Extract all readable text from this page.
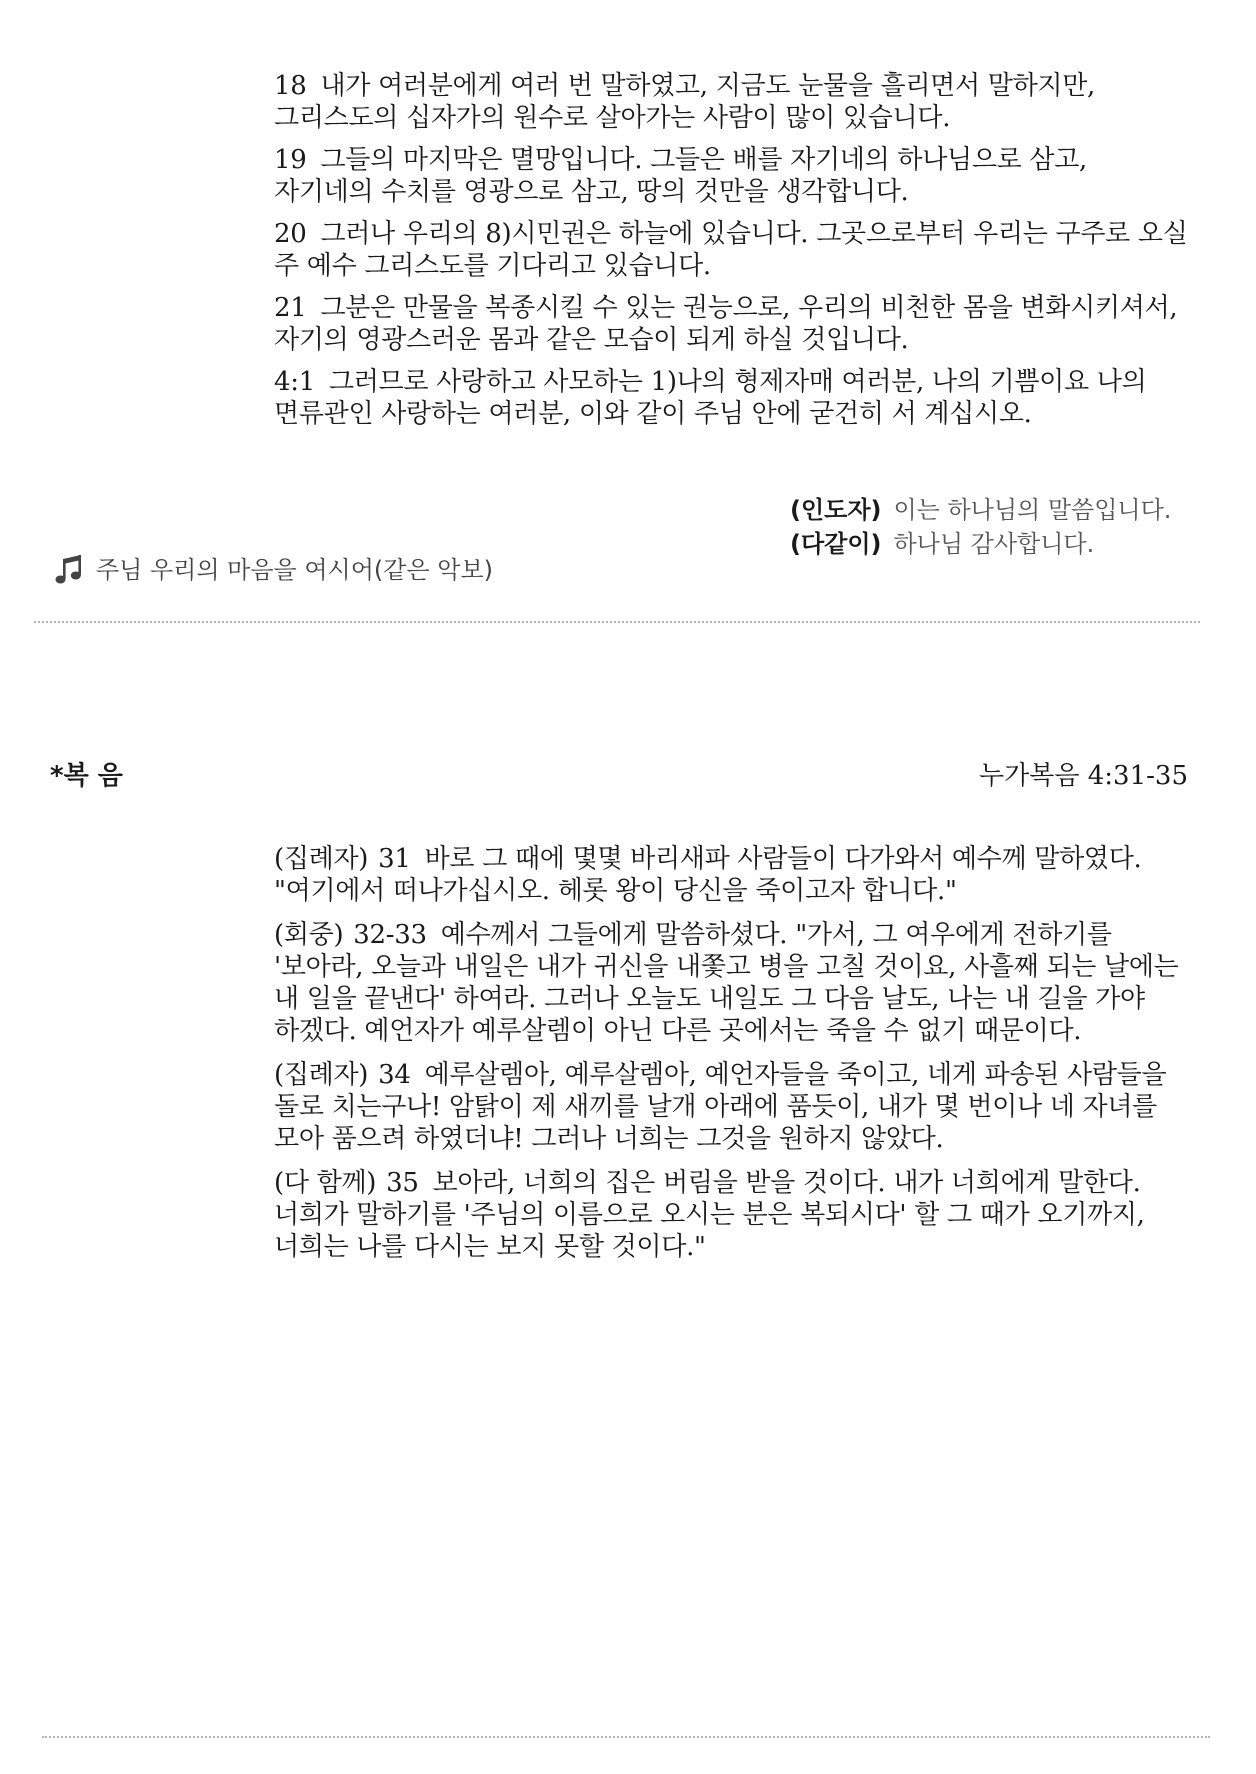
18 내가 여러분에게 여러 번 말하였고, 지금도 눈물을 흘리면서 말하지만, 그리스도의 십자가의 원수로 살아가는 사람이 많이 있습니다.

19 그들의 마지막은 멸망입니다. 그들은 배를 자기네의 하나님으로 삼고, 자기네의 수치를 영광으로 삼고, 땅의 것만을 생각합니다.

20 그러나 우리의 8)시민권은 하늘에 있습니다. 그곳으로부터 우리는 구주로 오실 주 예수 그리스도를 기다리고 있습니다.

21 그분은 만물을 복종시킬 수 있는 권능으로, 우리의 비천한 몸을 변화시키셔서, 자기의 영광스러운 몸과 같은 모습이 되게 하실 것입니다.

4:1 그러므로 사랑하고 사모하는 1)나의 형제자매 여러분, 나의 기쁨이요 나의 면류관인 사랑하는 여러분, 이와 같이 주님 안에 굳건히 서 계십시오.

(인도자) 이는 하나님의 말씀입니다.
(다같이) 하나님 감사합니다.
주님 우리의 마음을 여시어(같은 악보)
*복 음	누가복음 4:31-35

(집례자) 31 바로 그 때에 몇몇 바리새파 사람들이 다가와서 예수께 말하였다. "여기에서 떠나가십시오. 헤롯 왕이 당신을 죽이고자 합니다."

(회중) 32-33 예수께서 그들에게 말씀하셨다. "가서, 그 여우에게 전하기를 '보아라, 오늘과 내일은 내가 귀신을 내쫓고 병을 고칠 것이요, 사흘째 되는 날에는 내 일을 끝낸다' 하여라. 그러나 오늘도 내일도 그 다음 날도, 나는 내 길을 가야 하겠다. 예언자가 예루살렘이 아닌 다른 곳에서는 죽을 수 없기 때문이다.

(집례자) 34 예루살렘아, 예루살렘아, 예언자들을 죽이고, 네게 파송된 사람들을 돌로 치는구나! 암탉이 제 새끼를 날개 아래에 품듯이, 내가 몇 번이나 네 자녀를 모아 품으려 하였더냐! 그러나 너희는 그것을 원하지 않았다.

(다 함께) 35 보아라, 너희의 집은 버림을 받을 것이다. 내가 너희에게 말한다. 너희가 말하기를 '주님의 이름으로 오시는 분은 복되시다' 할 그 때가 오기까지, 너희는 나를 다시는 보지 못할 것이다."
